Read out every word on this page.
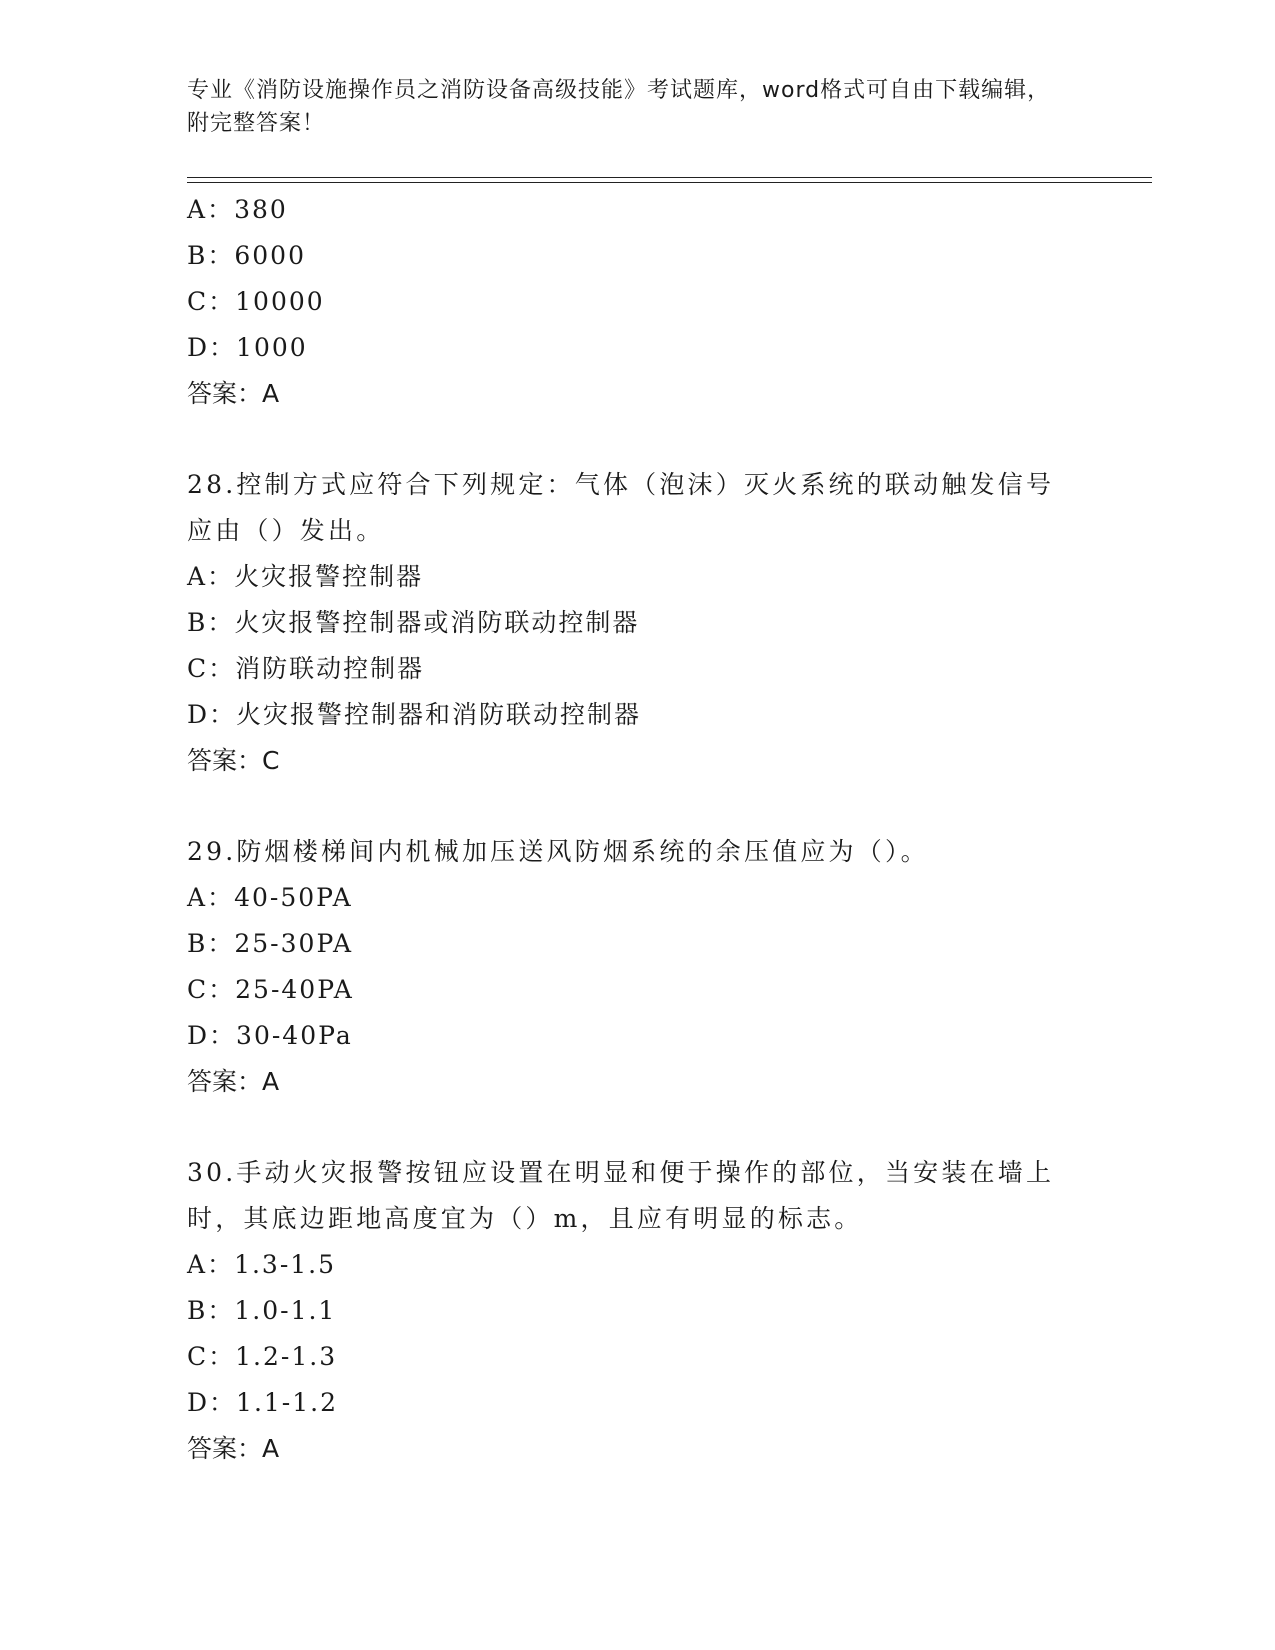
专业《消防设施操作员之消防设备高级技能》考试题库，word格式可自由下载编辑，附完整答案！
A：380
B：6000
C：10000
D：1000
答案：A
28.控制方式应符合下列规定：气体（泡沫）灭火系统的联动触发信号应由（）发出。
A：火灾报警控制器
B：火灾报警控制器或消防联动控制器
C：消防联动控制器
D：火灾报警控制器和消防联动控制器
答案：C
29.防烟楼梯间内机械加压送风防烟系统的余压值应为（）。
A：40-50PA
B：25-30PA
C：25-40PA
D：30-40Pa
答案：A
30.手动火灾报警按钮应设置在明显和便于操作的部位，当安装在墙上时，其底边距地高度宜为（）m，且应有明显的标志。
A：1.3-1.5
B：1.0-1.1
C：1.2-1.3
D：1.1-1.2
答案：A
